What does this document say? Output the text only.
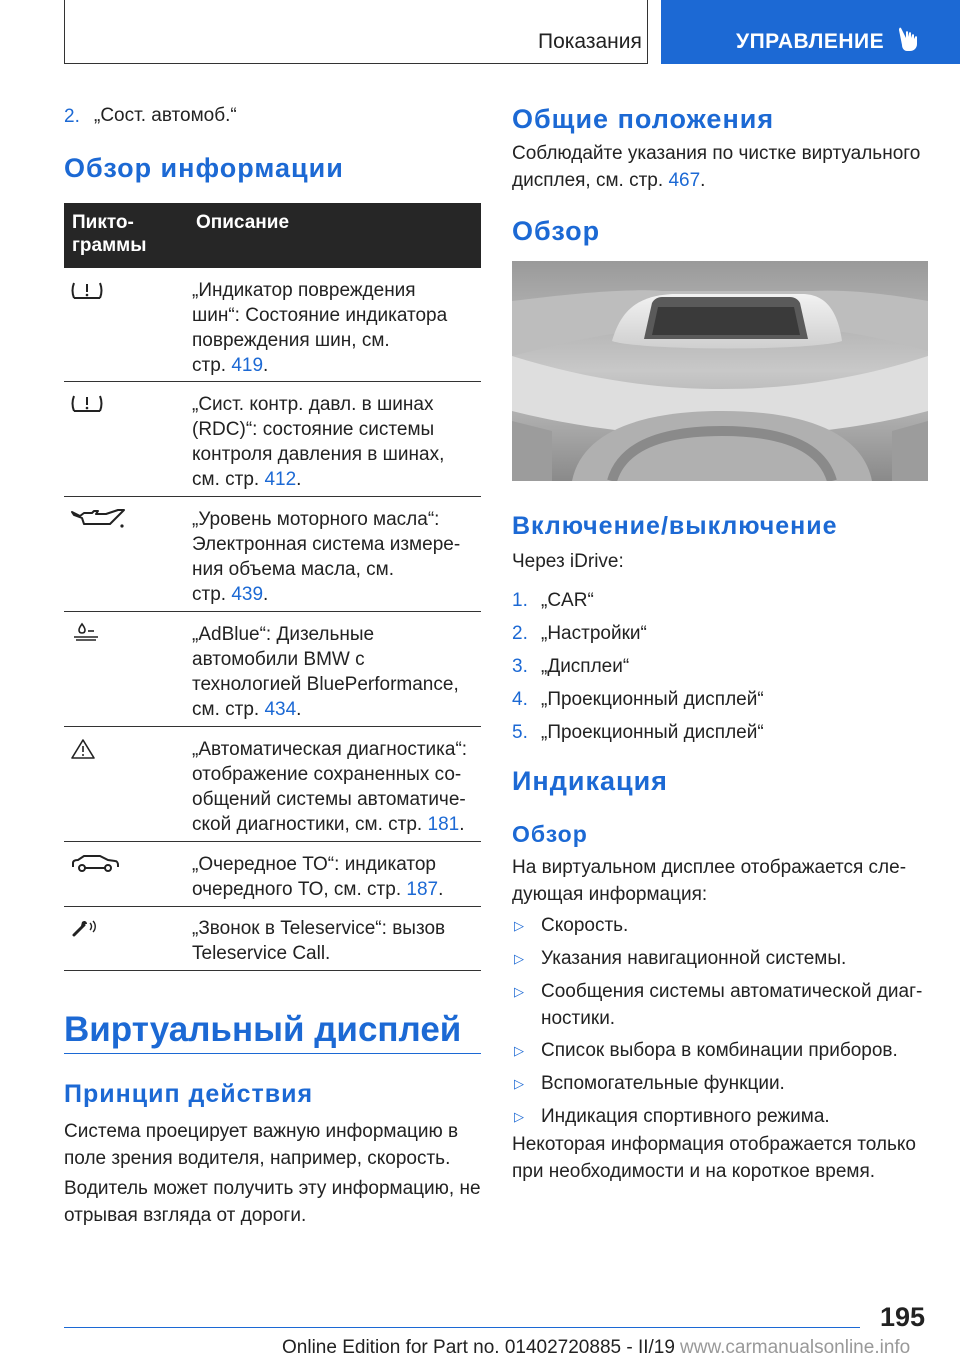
Показания	УПРАВЛЕНИЕ
2. „Сост. автомоб.“
Обзор информации
Пикто-
граммы
Описание
„Индикатор повреждения
шин“: Состояние индикатора
повреждения шин, см.
стр. 419.
„Сист. контр. давл. в шинах
(RDC)“: состояние системы
контроля давления в шинах,
см. стр. 412.
„Уровень моторного масла“:
Электронная система измере-
ния объема масла, см.
стр. 439.
„AdBlue“: Дизельные
автомобили BMW с
технологией BluePerformance,
см. стр. 434.
„Автоматическая диагностика“:
отображение сохраненных со-
общений системы автоматиче-
ской диагностики, см. стр. 181.
„Очередное ТО“: индикатор
очередного ТО, см. стр. 187.
„Звонок в Teleservice“: вызов
Teleservice Call.
Виртуальный дисплей
Принцип действия
Система проецирует важную информацию в
поле зрения водителя, например, скорость.
Водитель может получить эту информацию, не
отрывая взгляда от дороги.
Общие положения
Соблюдайте указания по чистке виртуального
дисплея, см. стр. 467.
Обзор
Включение/выключение
Через iDrive:
1. „CAR“
2. „Настройки“
3. „Дисплеи“
4. „Проекционный дисплей“
5. „Проекционный дисплей“
Индикация
Обзор
На виртуальном дисплее отображается сле-
дующая информация:
▷ Скорость.
▷ Указания навигационной системы.
▷ Сообщения системы автоматической диаг-
ностики.
▷ Список выбора в комбинации приборов.
▷ Вспомогательные функции.
▷ Индикация спортивного режима.
Некоторая информация отображается только
при необходимости и на короткое время.
195
Online Edition for Part no. 01402720885 - II/19 www.carmanualsonline.info
